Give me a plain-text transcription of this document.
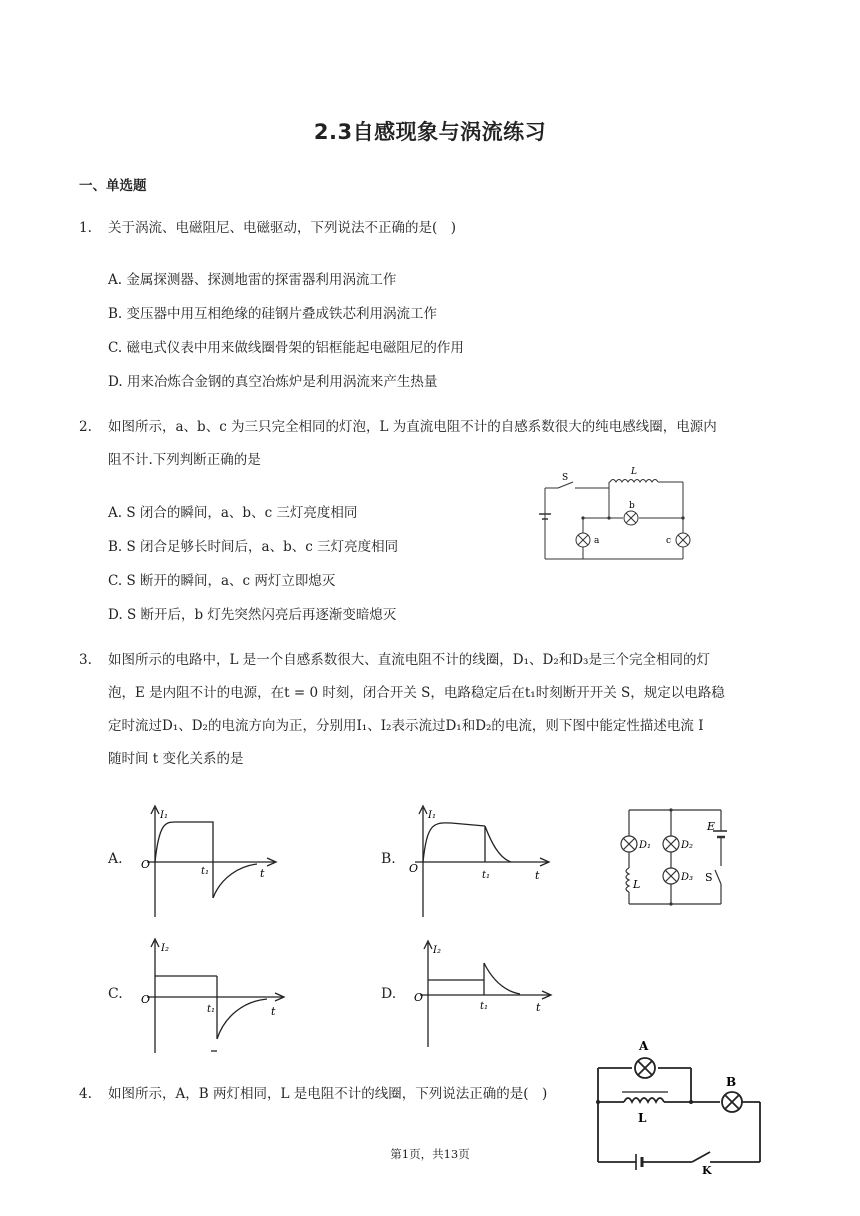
2.3自感现象与涡流练习
一、单选题
1. 关于涡流、电磁阻尼、电磁驱动，下列说法不正确的是(　)
A. 金属探测器、探测地雷的探雷器利用涡流工作
B. 变压器中用互相绝缘的硅钢片叠成铁芯利用涡流工作
C. 磁电式仪表中用来做线圈骨架的铝框能起电磁阻尼的作用
D. 用来冶炼合金钢的真空冶炼炉是利用涡流来产生热量
2. 如图所示，a、b、c 为三只完全相同的灯泡，L 为直流电阻不计的自感系数很大的纯电感线圈，电源内
阻不计.下列判断正确的是
A. S 闭合的瞬间，a、b、c 三灯亮度相同
B. S 闭合足够长时间后，a、b、c 三灯亮度相同
C. S 断开的瞬间，a、c 两灯立即熄灭
D. S 断开后，b 灯先突然闪亮后再逐渐变暗熄灭
S
L
b
a	c
3. 如图所示的电路中，L 是一个自感系数很大、直流电阻不计的线圈，D₁、D₂和D₃是三个完全相同的灯
泡，E 是内阻不计的电源，在t = 0 时刻，闭合开关 S，电路稳定后在t₁时刻断开开关 S，规定以电路稳
定时流过D₁、D₂的电流方向为正，分别用I₁、I₂表示流过D₁和D₂的电流，则下图中能定性描述电流 I
随时间 t 变化关系的是
A.
I₁
O
t₁	t
B.
I₁
O
t₁	t
D₁	D₂
D₃
E
S
L
C.
I₂
O
t₁	t
D.
I₂
O
t₁	t
4. 如图所示，A，B 两灯相同，L 是电阻不计的线圈，下列说法正确的是(　)
A
B
L
K
第1页，共13页
